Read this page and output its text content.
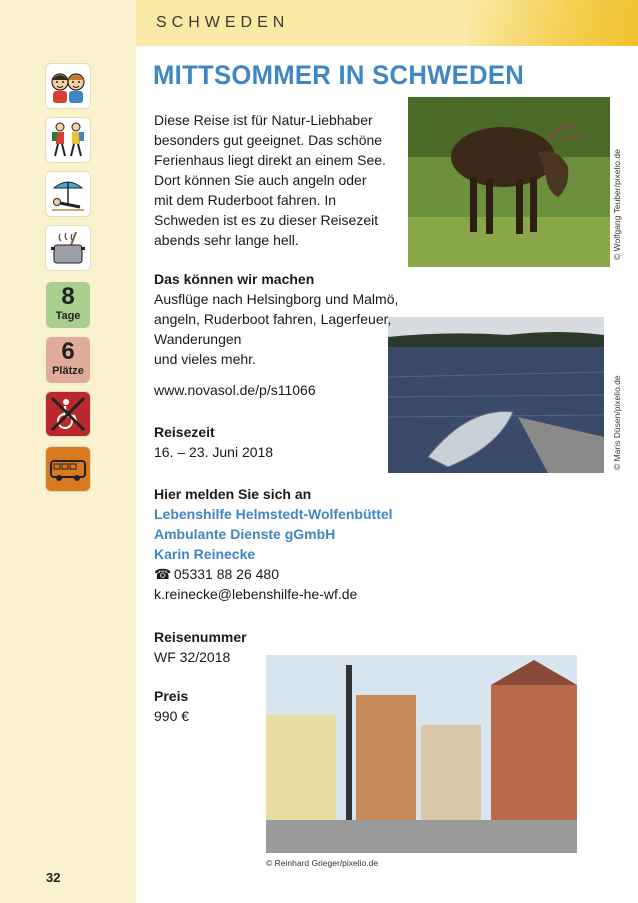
SCHWEDEN
MITTSOMMER IN SCHWEDEN
8
Tage
6
Plätze
© Wolfgang Teuber/pixelio.de
© Maris Düsen/pixelio.de
© Reinhard Grieger/pixelio.de
Diese Reise ist für Natur-Liebhaber
besonders gut geeignet. Das schöne
Ferienhaus liegt direkt an einem See.
Dort können Sie auch angeln oder
mit dem Ruderboot fahren. In
Schweden ist es zu dieser Reisezeit
abends sehr lange hell.
Das können wir machen
Ausflüge nach Helsingborg und Malmö,
angeln, Ruderboot fahren, Lagerfeuer,
Wanderungen
und vieles mehr.
www.novasol.de/p/s11066
Reisezeit
16. – 23. Juni 2018
Hier melden Sie sich an
Lebenshilfe Helmstedt-Wolfenbüttel
Ambulante Dienste gGmbH
Karin Reinecke
☎ 05331 88 26 480
k.reinecke@lebenshilfe-he-wf.de
Reisenummer
WF 32/2018
Preis
990 €
32
